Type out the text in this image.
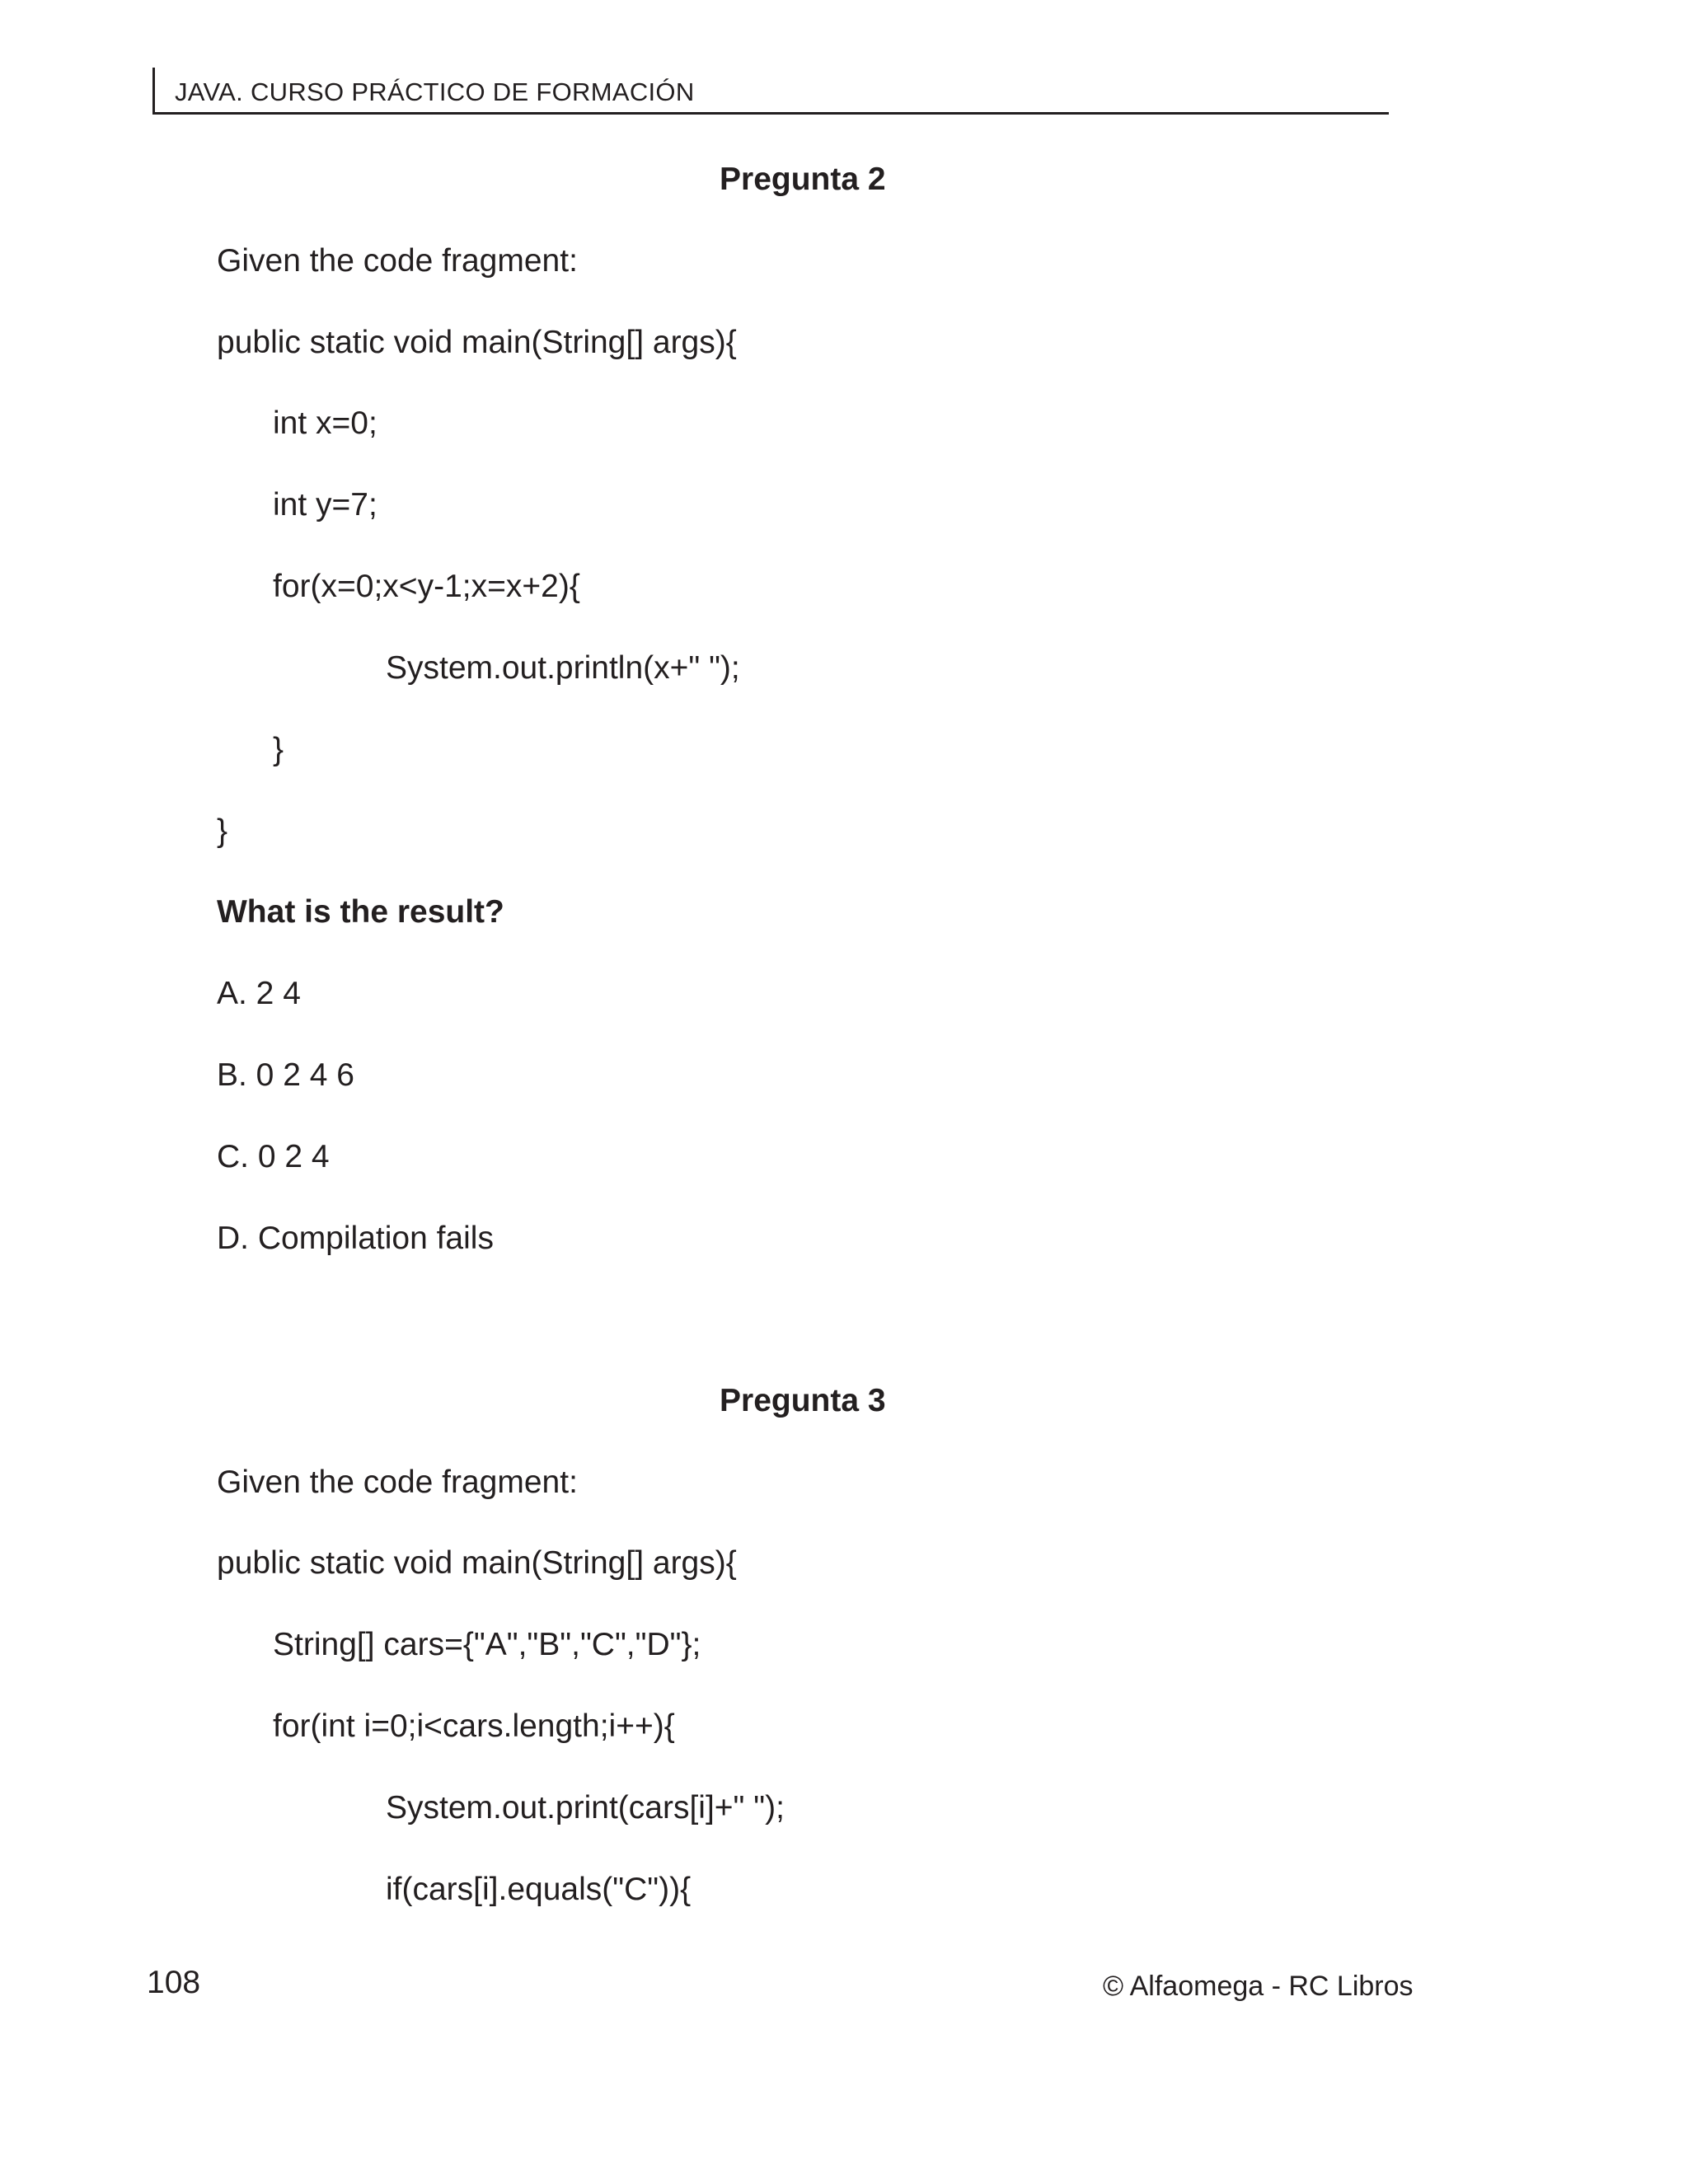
JAVA. CURSO PRÁCTICO DE FORMACIÓN
Pregunta 2
Given the code fragment:
public static void main(String[] args){
int x=0;
int y=7;
for(x=0;x<y-1;x=x+2){
System.out.println(x+" ");
}
}
What is the result?
A. 2 4
B. 0 2 4 6
C. 0 2 4
D. Compilation fails
Pregunta 3
Given the code fragment:
public static void main(String[] args){
String[] cars={"A","B","C","D"};
for(int i=0;i<cars.length;i++){
System.out.print(cars[i]+" ");
if(cars[i].equals("C")){
108	© Alfaomega - RC Libros
